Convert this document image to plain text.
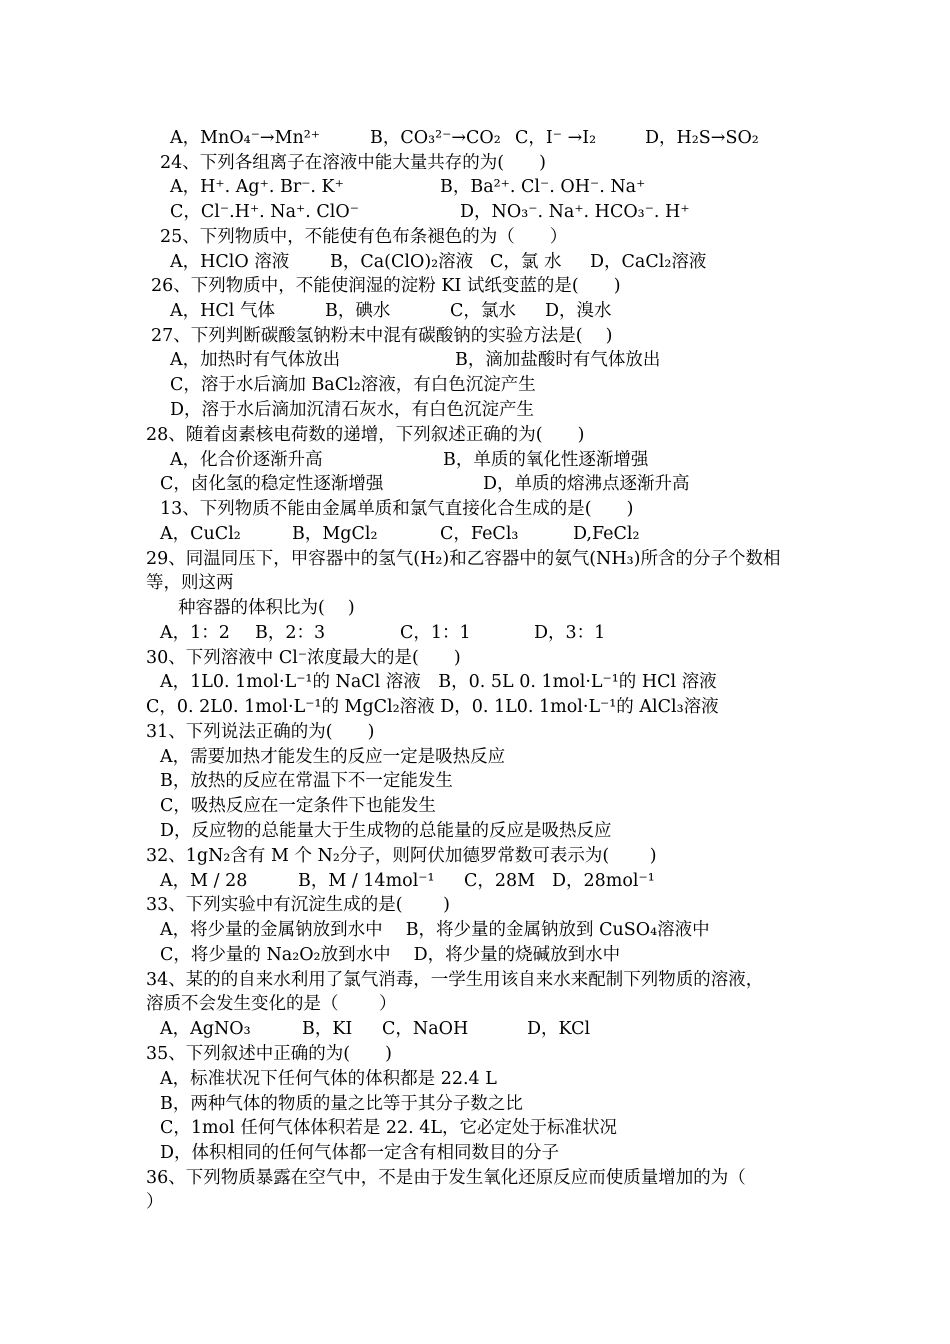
A，MnO₄⁻→Mn²⁺	B，CO₃²⁻→CO₂ C，I⁻ →I₂	D，H₂S→SO₂
24、下列各组离子在溶液中能大量共存的为(　　)
A，H⁺. Ag⁺. Br⁻. K⁺	B，Ba²⁺. Cl⁻. OH⁻. Na⁺
C，Cl⁻.H⁺. Na⁺. ClO⁻	D，NO₃⁻. Na⁺. HCO₃⁻. H⁺
25、下列物质中，不能使有色布条褪色的为（　　）
A，HClO 溶液 B，Ca(ClO)₂溶液 C，氯 水 D，CaCl₂溶液
26、下列物质中，不能使润湿的淀粉 KI 试纸变蓝的是(　　)
A，HCl 气体	B，碘水	C，氯水 D，溴水
27、下列判断碳酸氢钠粉末中混有碳酸钠的实验方法是(　 )
A，加热时有气体放出	B，滴加盐酸时有气体放出
C，溶于水后滴加 BaCl₂溶液，有白色沉淀产生
D，溶于水后滴加沉清石灰水，有白色沉淀产生
28、随着卤素核电荷数的递增，下列叙述正确的为(　　)
A，化合价逐渐升高	B，单质的氧化性逐渐增强
C，卤化氢的稳定性逐渐增强	D，单质的熔沸点逐渐升高
13、下列物质不能由金属单质和氯气直接化合生成的是(　　)
A，CuCl₂	B，MgCl₂	C，FeCl₃	D,FeCl₂
29、同温同压下，甲容器中的氢气(H₂)和乙容器中的氨气(NH₃)所含的分子个数相
等，则这两
种容器的体积比为(　 )
A，1：2 B，2：3	C，1：1	D，3：1
30、下列溶液中 Cl⁻浓度最大的是(　　)
A，1L0. 1mol·L⁻¹的 NaCl 溶液　B，0. 5L 0. 1mol·L⁻¹的 HCl 溶液
C，0. 2L0. 1mol·L⁻¹的 MgCl₂溶液 D，0. 1L0. 1mol·L⁻¹的 AlCl₃溶液
31、下列说法正确的为(　　)
A，需要加热才能发生的反应一定是吸热反应
B，放热的反应在常温下不一定能发生
C，吸热反应在一定条件下也能发生
D，反应物的总能量大于生成物的总能量的反应是吸热反应
32、1gN₂含有 M 个 N₂分子，则阿伏加德罗常数可表示为(　　 )
A，M / 28	B，M / 14mol⁻¹ C，28M D，28mol⁻¹
33、下列实验中有沉淀生成的是(　　 )
A，将少量的金属钠放到水中　 B，将少量的金属钠放到 CuSO₄溶液中
C，将少量的 Na₂O₂放到水中　 D，将少量的烧碱放到水中
34、某的的自来水利用了氯气消毒，一学生用该自来水来配制下列物质的溶液，
溶质不会发生变化的是（　　 ）
A，AgNO₃	B，KI C，NaOH	D，KCl
35、下列叙述中正确的为(　　)
A，标准状况下任何气体的体积都是 22.4 L
B，两种气体的物质的量之比等于其分子数之比
C，1mol 任何气体体积若是 22. 4L，它必定处于标准状况
D，体积相同的任何气体都一定含有相同数目的分子
36、下列物质暴露在空气中，不是由于发生氧化还原反应而使质量增加的为（
）
